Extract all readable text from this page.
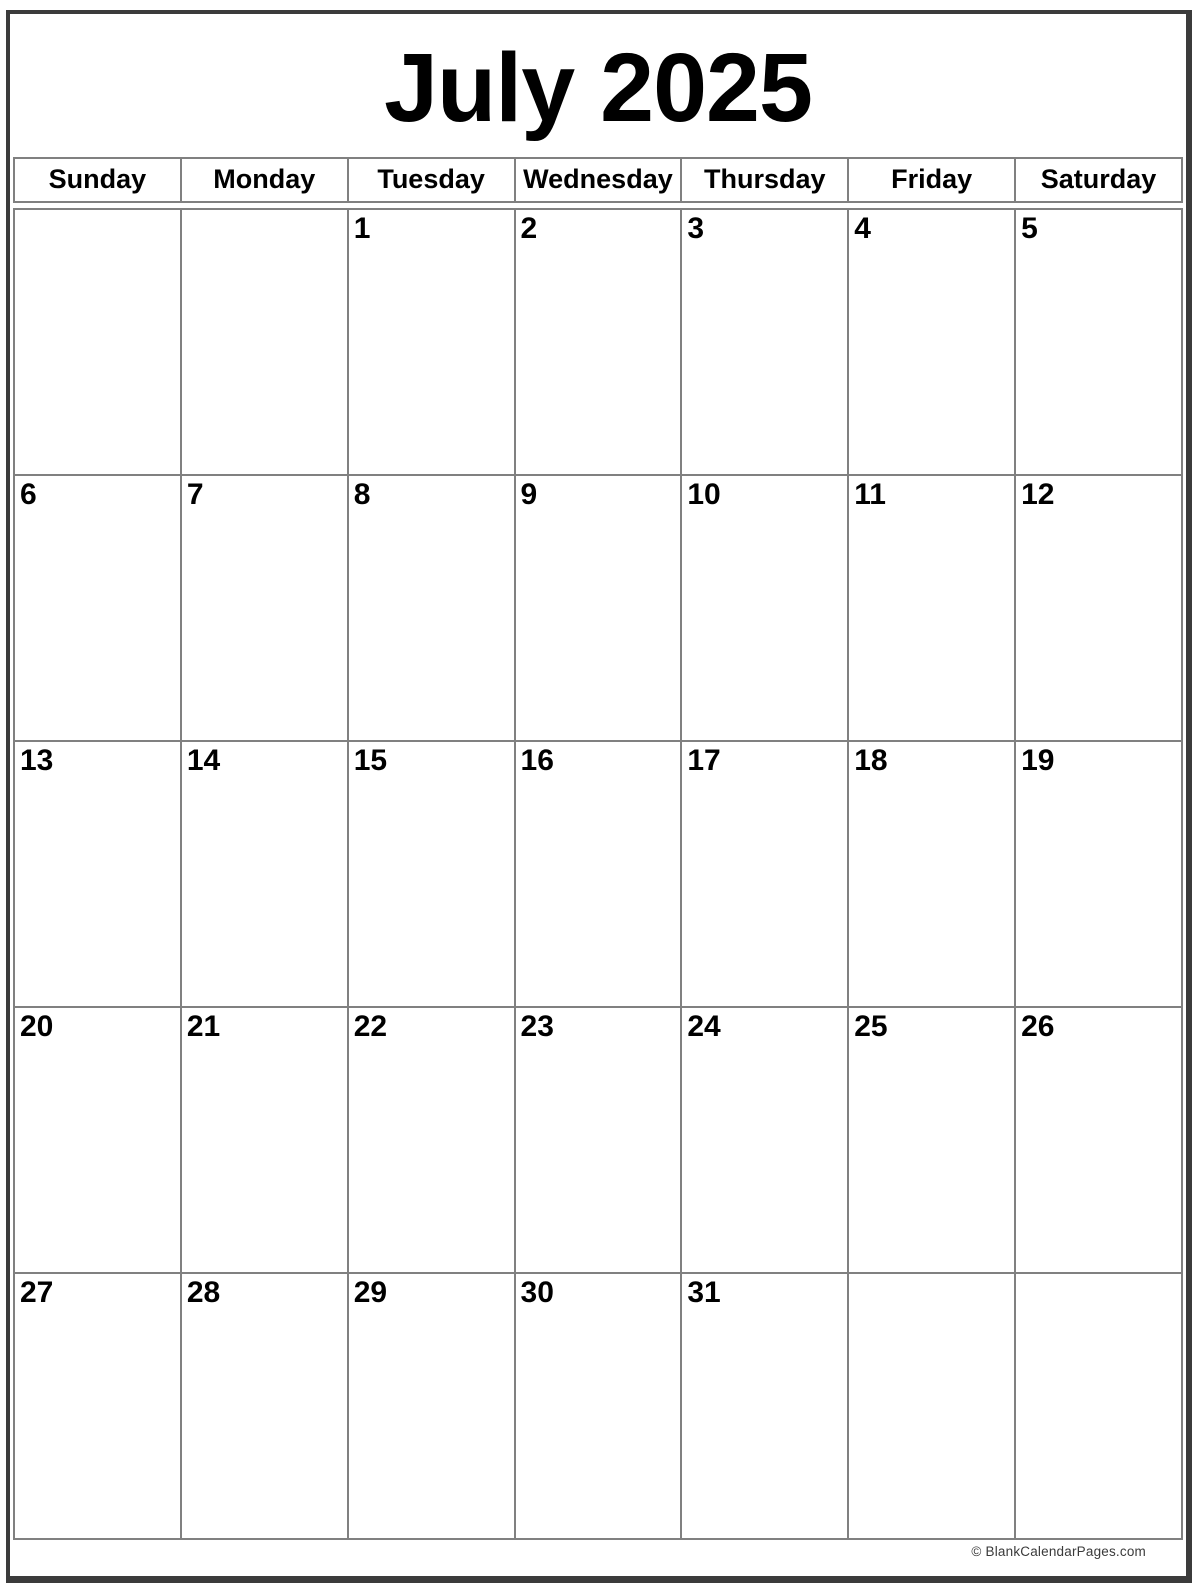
July 2025
Sunday	Monday	Tuesday	Wednesday	Thursday	Friday	Saturday

		1	2	3	4	5

6	7	8	9	10	11	12

13	14	15	16	17	18	19

20	21	22	23	24	25	26

27	28	29	30	31		

© BlankCalendarPages.com
